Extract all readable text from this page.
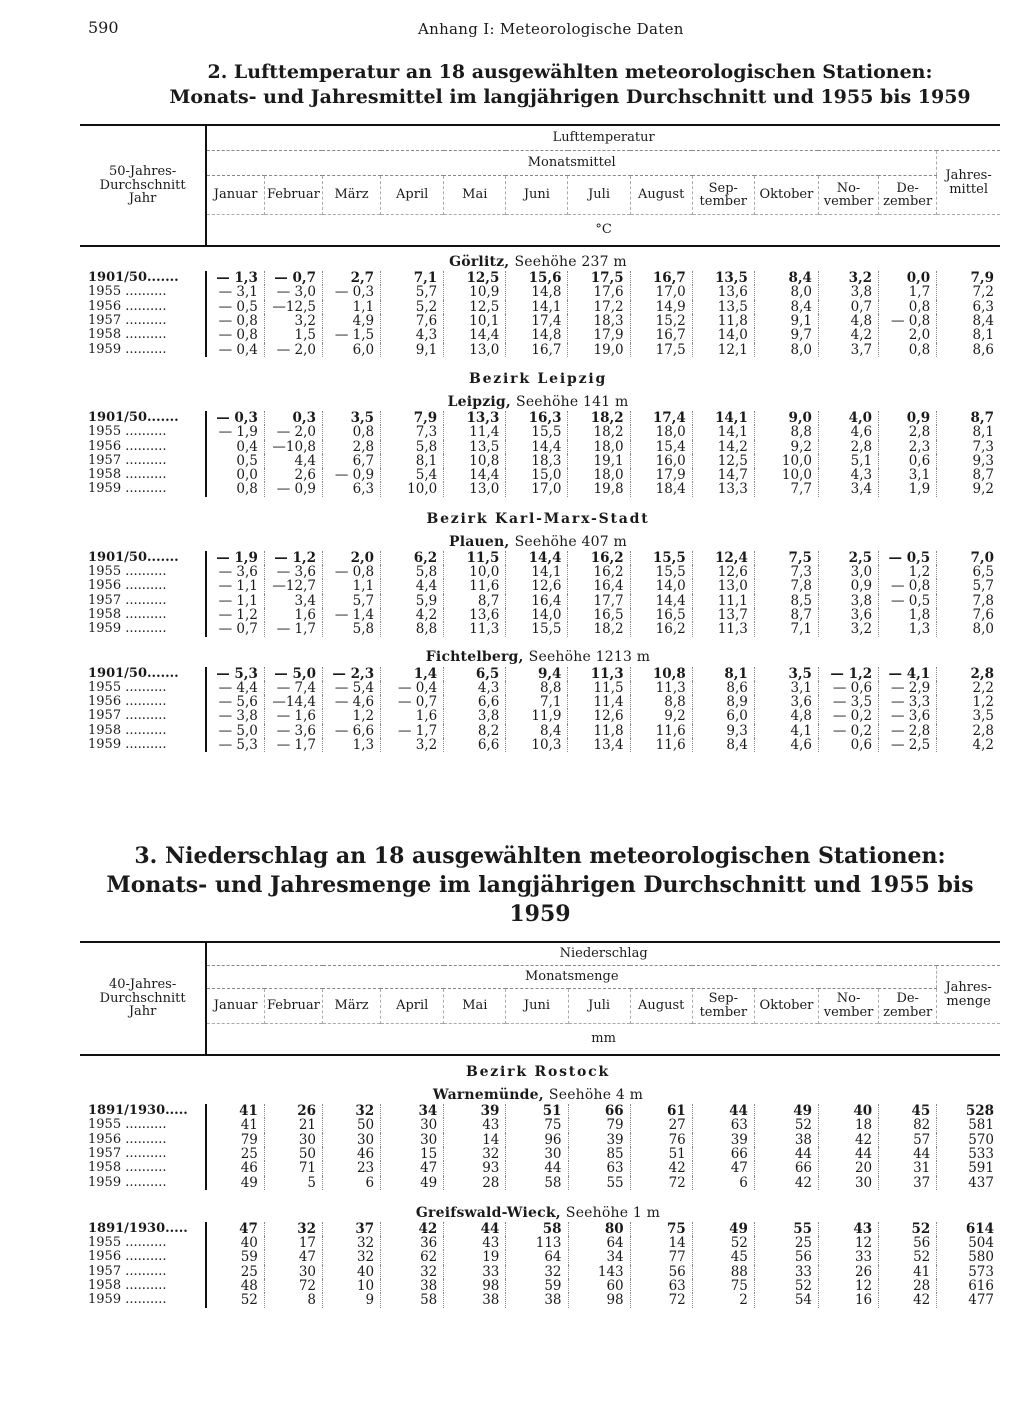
590	Anhang I: Meteorologische Daten
2. Lufttemperatur an 18 ausgewählten meteorologischen Stationen:
Monats- und Jahresmittel im langjährigen Durchschnitt und 1955 bis 1959
50-Jahres-Durchschnitt Jahr	Lufttemperatur												
	Monatsmittel												Jahres-mittel
	Januar	Februar	März	April	Mai	Juni	Juli	August	Sep-tember	Oktober	No-vember	De-zember	
	°C												
Görlitz, Seehöhe 237 m													
1901/50.......	— 1,3	— 0,7	2,7	7,1	12,5	15,6	17,5	16,7	13,5	8,4	3,2	0,0	7,9
1955 ..........	— 3,1	— 3,0	— 0,3	5,7	10,9	14,8	17,6	17,0	13,6	8,0	3,8	1,7	7,2
1956 ..........	— 0,5	—12,5	1,1	5,2	12,5	14,1	17,2	14,9	13,5	8,4	0,7	0,8	6,3
1957 ..........	— 0,8	3,2	4,9	7,6	10,1	17,4	18,3	15,2	11,8	9,1	4,8	— 0,8	8,4
1958 ..........	— 0,8	1,5	— 1,5	4,3	14,4	14,8	17,9	16,7	14,0	9,7	4,2	2,0	8,1
1959 ..........	— 0,4	— 2,0	6,0	9,1	13,0	16,7	19,0	17,5	12,1	8,0	3,7	0,8	8,6

Bezirk Leipzig													
Leipzig, Seehöhe 141 m													
1901/50.......	— 0,3	0,3	3,5	7,9	13,3	16,3	18,2	17,4	14,1	9,0	4,0	0,9	8,7
1955 ..........	— 1,9	— 2,0	0,8	7,3	11,4	15,5	18,2	18,0	14,1	8,8	4,6	2,8	8,1
1956 ..........	0,4	—10,8	2,8	5,8	13,5	14,4	18,0	15,4	14,2	9,2	2,8	2,3	7,3
1957 ..........	0,5	4,4	6,7	8,1	10,8	18,3	19,1	16,0	12,5	10,0	5,1	0,6	9,3
1958 ..........	0,0	2,6	— 0,9	5,4	14,4	15,0	18,0	17,9	14,7	10,0	4,3	3,1	8,7
1959 ..........	0,8	— 0,9	6,3	10,0	13,0	17,0	19,8	18,4	13,3	7,7	3,4	1,9	9,2

Bezirk Karl-Marx-Stadt													
Plauen, Seehöhe 407 m													
1901/50.......	— 1,9	— 1,2	2,0	6,2	11,5	14,4	16,2	15,5	12,4	7,5	2,5	— 0,5	7,0
1955 ..........	— 3,6	— 3,6	— 0,8	5,8	10,0	14,1	16,2	15,5	12,6	7,3	3,0	1,2	6,5
1956 ..........	— 1,1	—12,7	1,1	4,4	11,6	12,6	16,4	14,0	13,0	7,8	0,9	— 0,8	5,7
1957 ..........	— 1,1	3,4	5,7	5,9	8,7	16,4	17,7	14,4	11,1	8,5	3,8	— 0,5	7,8
1958 ..........	— 1,2	1,6	— 1,4	4,2	13,6	14,0	16,5	16,5	13,7	8,7	3,6	1,8	7,6
1959 ..........	— 0,7	— 1,7	5,8	8,8	11,3	15,5	18,2	16,2	11,3	7,1	3,2	1,3	8,0

Fichtelberg, Seehöhe 1213 m													
1901/50.......	— 5,3	— 5,0	— 2,3	1,4	6,5	9,4	11,3	10,8	8,1	3,5	— 1,2	— 4,1	2,8
1955 ..........	— 4,4	— 7,4	— 5,4	— 0,4	4,3	8,8	11,5	11,3	8,6	3,1	— 0,6	— 2,9	2,2
1956 ..........	— 5,6	—14,4	— 4,6	— 0,7	6,6	7,1	11,4	8,8	8,9	3,6	— 3,5	— 3,3	1,2
1957 ..........	— 3,8	— 1,6	1,2	1,6	3,8	11,9	12,6	9,2	6,0	4,8	— 0,2	— 3,6	3,5
1958 ..........	— 5,0	— 3,6	— 6,6	— 1,7	8,2	8,4	11,8	11,6	9,3	4,1	— 0,2	— 2,8	2,8
1959 ..........	— 5,3	— 1,7	1,3	3,2	6,6	10,3	13,4	11,6	8,4	4,6	0,6	— 2,5	4,2

3. Niederschlag an 18 ausgewählten meteorologischen Stationen:
Monats- und Jahresmenge im langjährigen Durchschnitt und 1955 bis 1959
40-Jahres-Durchschnitt Jahr	Niederschlag												
	Monatsmenge												Jahres-menge
	Januar	Februar	März	April	Mai	Juni	Juli	August	Sep-tember	Oktober	No-vember	De-zember	
	mm												
Bezirk Rostock													
Warnemünde, Seehöhe 4 m													
1891/1930.....	41	26	32	34	39	51	66	61	44	49	40	45	528
1955 ..........	41	21	50	30	43	75	79	27	63	52	18	82	581
1956 ..........	79	30	30	30	14	96	39	76	39	38	42	57	570
1957 ..........	25	50	46	15	32	30	85	51	66	44	44	44	533
1958 ..........	46	71	23	47	93	44	63	42	47	66	20	31	591
1959 ..........	49	5	6	49	28	58	55	72	6	42	30	37	437

Greifswald-Wieck, Seehöhe 1 m													
1891/1930.....	47	32	37	42	44	58	80	75	49	55	43	52	614
1955 ..........	40	17	32	36	43	113	64	14	52	25	12	56	504
1956 ..........	59	47	32	62	19	64	34	77	45	56	33	52	580
1957 ..........	25	30	40	32	33	32	143	56	88	33	26	41	573
1958 ..........	48	72	10	38	98	59	60	63	75	52	12	28	616
1959 ..........	52	8	9	58	38	38	98	72	2	54	16	42	477
